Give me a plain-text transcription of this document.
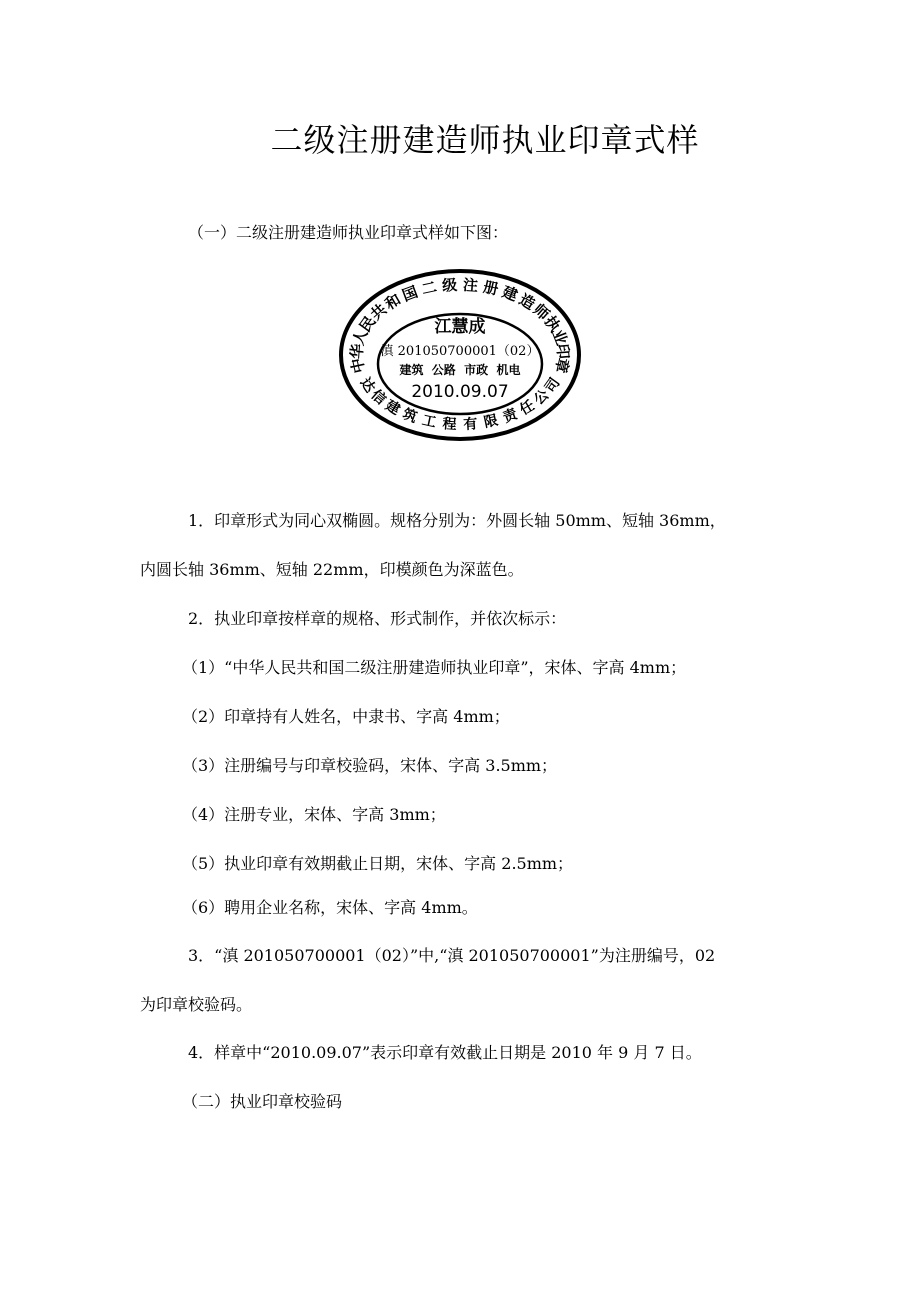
二级注册建造师执业印章式样
（一）二级注册建造师执业印章式样如下图：
中
华
人
民
共
和
国 二 级 注 册 建
造
师
执
业
印
章
达
信
建
筑 工 程 有 限 责
任
公
司
江慧成
滇 201050700001（02）
建筑  公路  市政  机电
2010.09.07
1．印章形式为同心双椭圆。规格分别为：外圆长轴 50mm、短轴 36mm，
内圆长轴 36mm、短轴 22mm，印模颜色为深蓝色。
2．执业印章按样章的规格、形式制作，并依次标示：
（1）“中华人民共和国二级注册建造师执业印章”，宋体、字高 4mm；
（2）印章持有人姓名，中隶书、字高 4mm；
（3）注册编号与印章校验码，宋体、字高 3.5mm；
（4）注册专业，宋体、字高 3mm；
（5）执业印章有效期截止日期，宋体、字高 2.5mm；
（6）聘用企业名称，宋体、字高 4mm。
3．“滇 201050700001（02）”中,“滇 201050700001”为注册编号，02
为印章校验码。
4．样章中“2010.09.07”表示印章有效截止日期是 2010 年 9 月 7 日。
（二）执业印章校验码
